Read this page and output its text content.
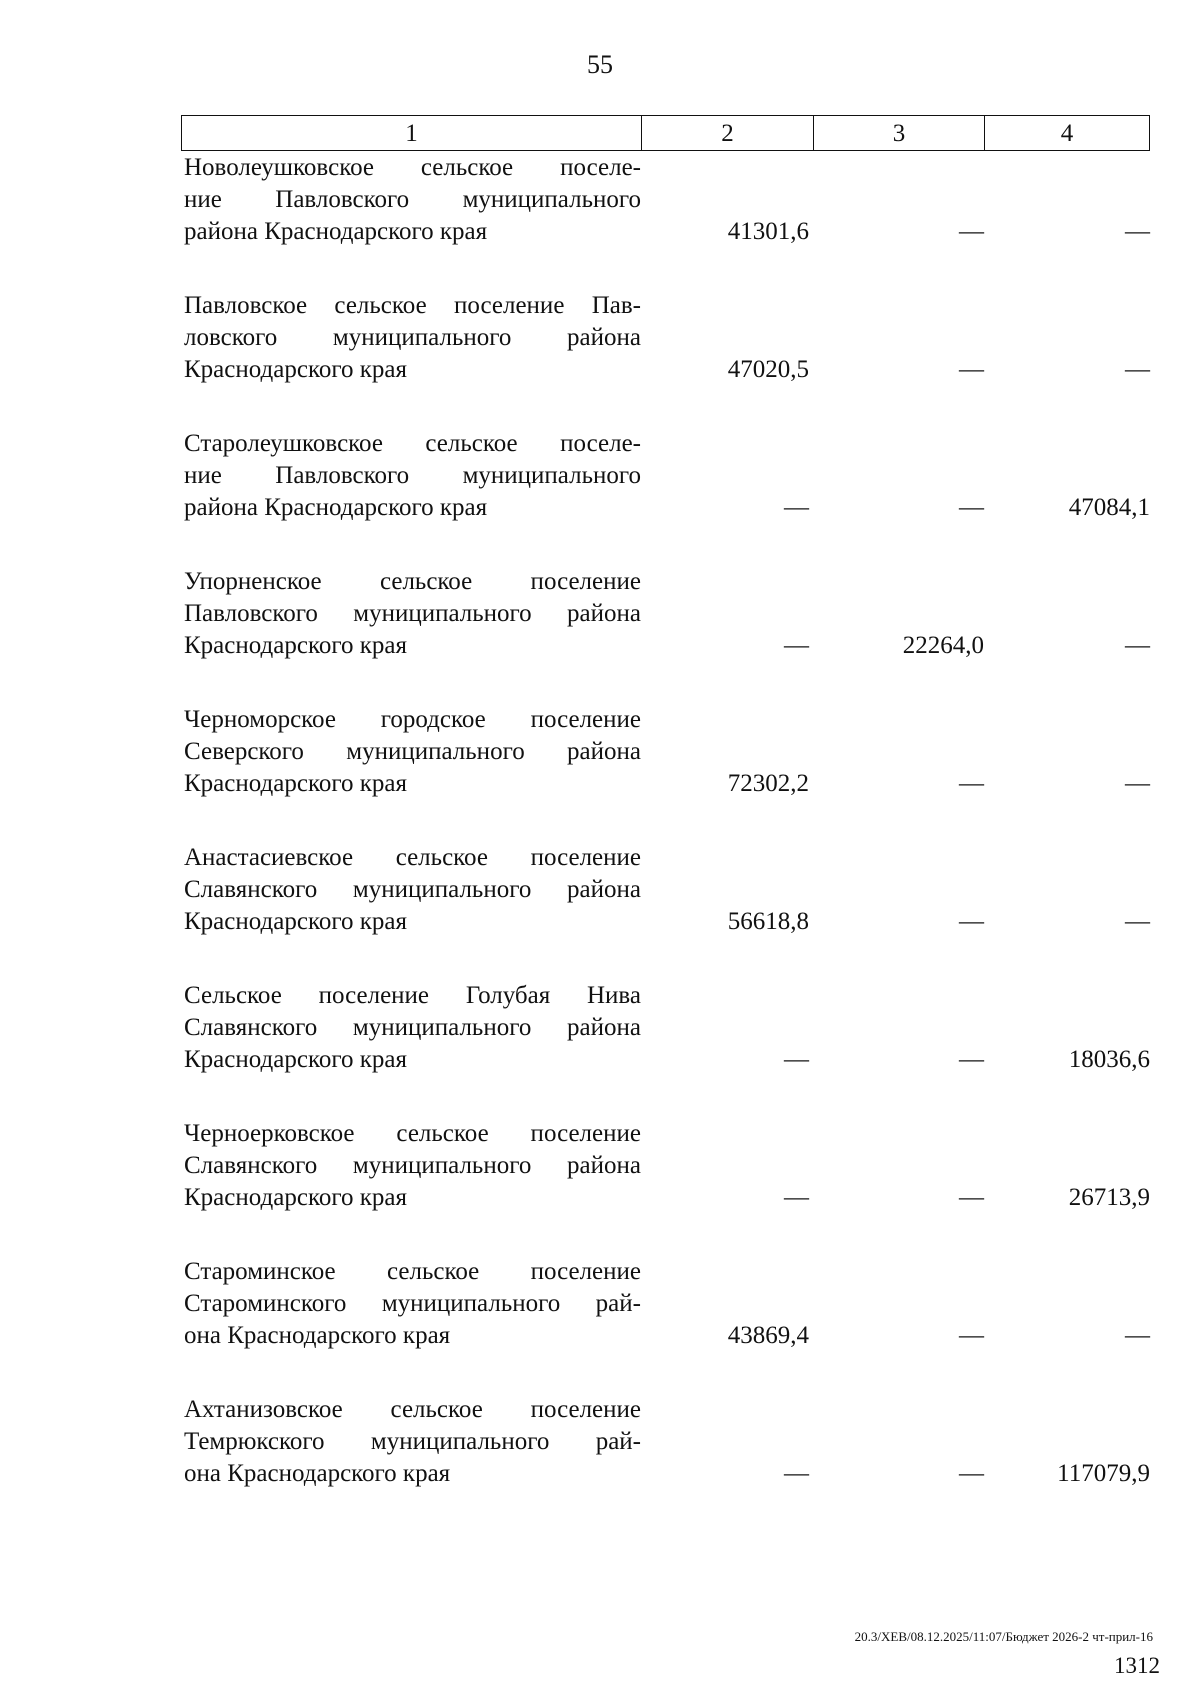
55
1	2	3	4
Новолеушковское сельское поселе-
ние Павловского муниципального
района Краснодарского края	41301,6	—	—
Павловское сельское поселение Пав-
ловского муниципального района
Краснодарского края	47020,5	—	—
Старолеушковское сельское поселе-
ние Павловского муниципального
района Краснодарского края	—	—	47084,1
Упорненское сельское поселение
Павловского муниципального района
Краснодарского края	—	22264,0	—
Черноморское городское поселение
Северского муниципального района
Краснодарского края	72302,2	—	—
Анастасиевское сельское поселение
Славянского муниципального района
Краснодарского края	56618,8	—	—
Сельское поселение Голубая Нива
Славянского муниципального района
Краснодарского края	—	—	18036,6
Черноерковское сельское поселение
Славянского муниципального района
Краснодарского края	—	—	26713,9
Староминское сельское поселение
Староминского муниципального рай-
она Краснодарского края	43869,4	—	—
Ахтанизовское сельское поселение
Темрюкского муниципального рай-
она Краснодарского края	—	—	117079,9
20.3/ХЕВ/08.12.2025/11:07/Бюджет 2026-2 чт-прил-16
1312
